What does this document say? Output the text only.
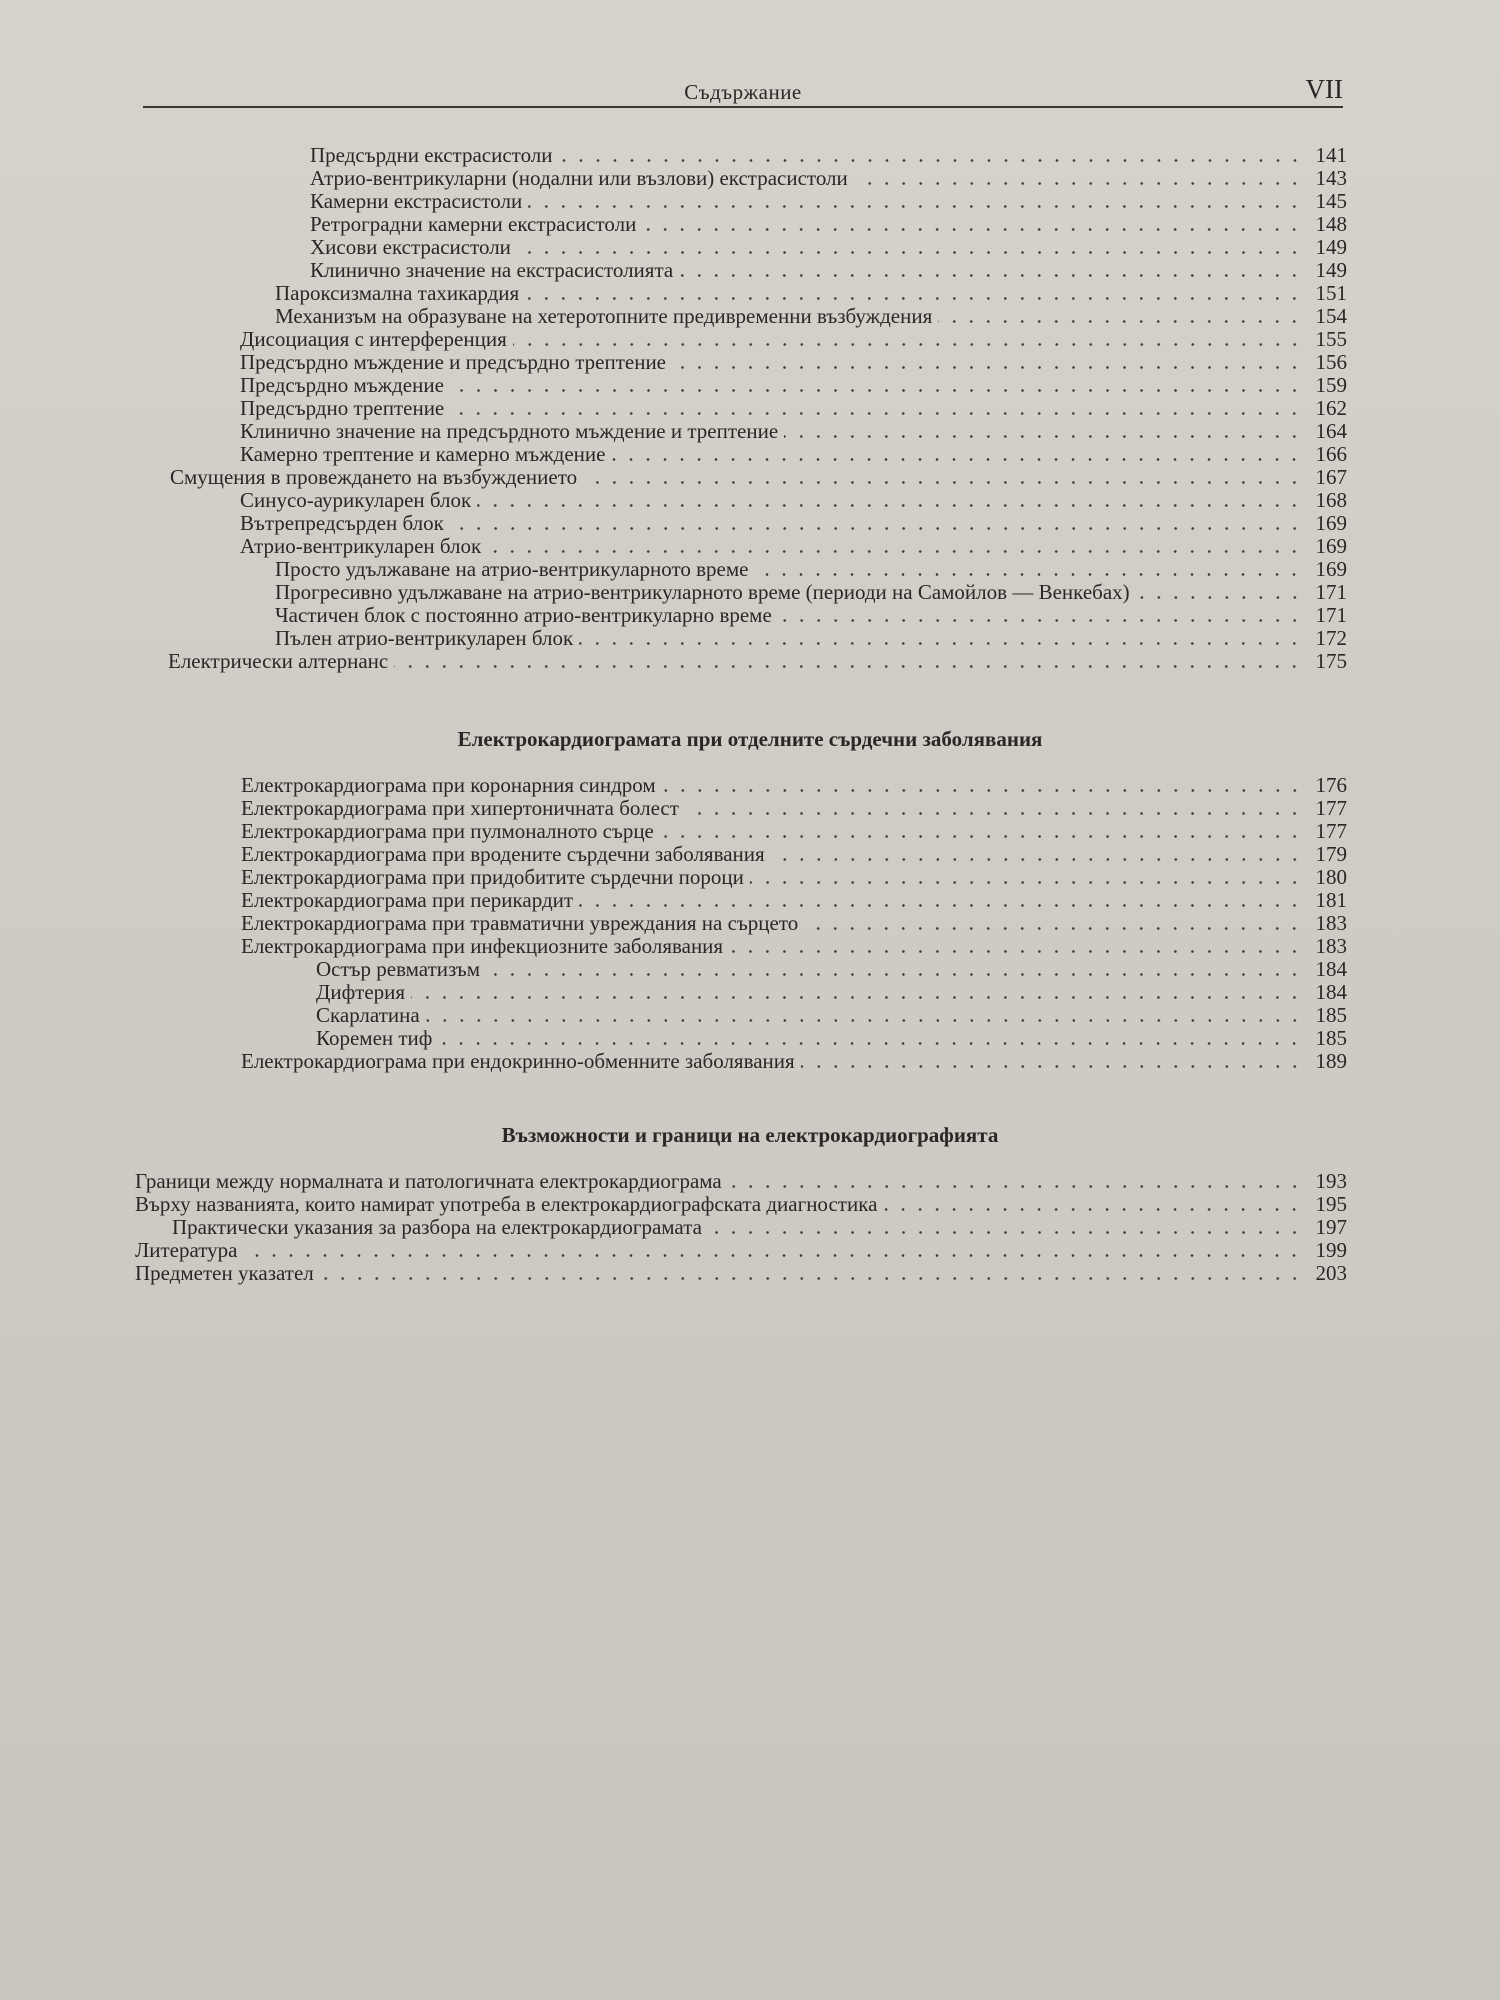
Съдържание	VII
Предсърдни екстрасистоли	141
Атрио-вентрикуларни (нодални или възлови) екстрасистоли	143
Камерни екстрасистоли	145
Ретроградни камерни екстрасистоли	148
Хисови екстрасистоли	149
Клинично значение на екстрасистолията	149
Пароксизмална тахикардия	151
Механизъм на образуване на хетеротопните предивременни възбуждения	154
Дисоциация с интерференция	155
Предсърдно мъждение и предсърдно трептение	156
Предсърдно мъждение	159
Предсърдно трептение	162
Клинично значение на предсърдното мъждение и трептение	164
Камерно трептение и камерно мъждение	166
Смущения в провеждането на възбуждението	167
Синусо-аурикуларен блок	168
Вътрепредсърден блок	169
Атрио-вентрикуларен блок	169
Просто удължаване на атрио-вентрикуларното време	169
Прогресивно удължаване на атрио-вентрикуларното време (периоди на Самойлов — Венкебах)	171
Частичен блок с постоянно атрио-вентрикуларно време	171
Пълен атрио-вентрикуларен блок	172
Електрически алтернанс	175
Електрокардиограмата при отделните сърдечни заболявания
Електрокардиограма при коронарния синдром	176
Електрокардиограма при хипертоничната болест	177
Електрокардиограма при пулмоналното сърце	177
Електрокардиограма при вродените сърдечни заболявания	179
Електрокардиограма при придобитите сърдечни пороци	180
Електрокардиограма при перикардит	181
Електрокардиограма при травматични увреждания на сърцето	183
Електрокардиограма при инфекциозните заболявания	183
Остър ревматизъм	184
Дифтерия	184
Скарлатина	185
Коремен тиф	185
Електрокардиограма при ендокринно-обменните заболявания	189
Възможности и граници на електрокардиографията
Граници между нормалната и патологичната електрокардиограма	193
Върху названията, които намират употреба в електрокардиографската диагностика	195
Практически указания за разбора на електрокардиограмата	197
Литература	199
Предметен указател	203
